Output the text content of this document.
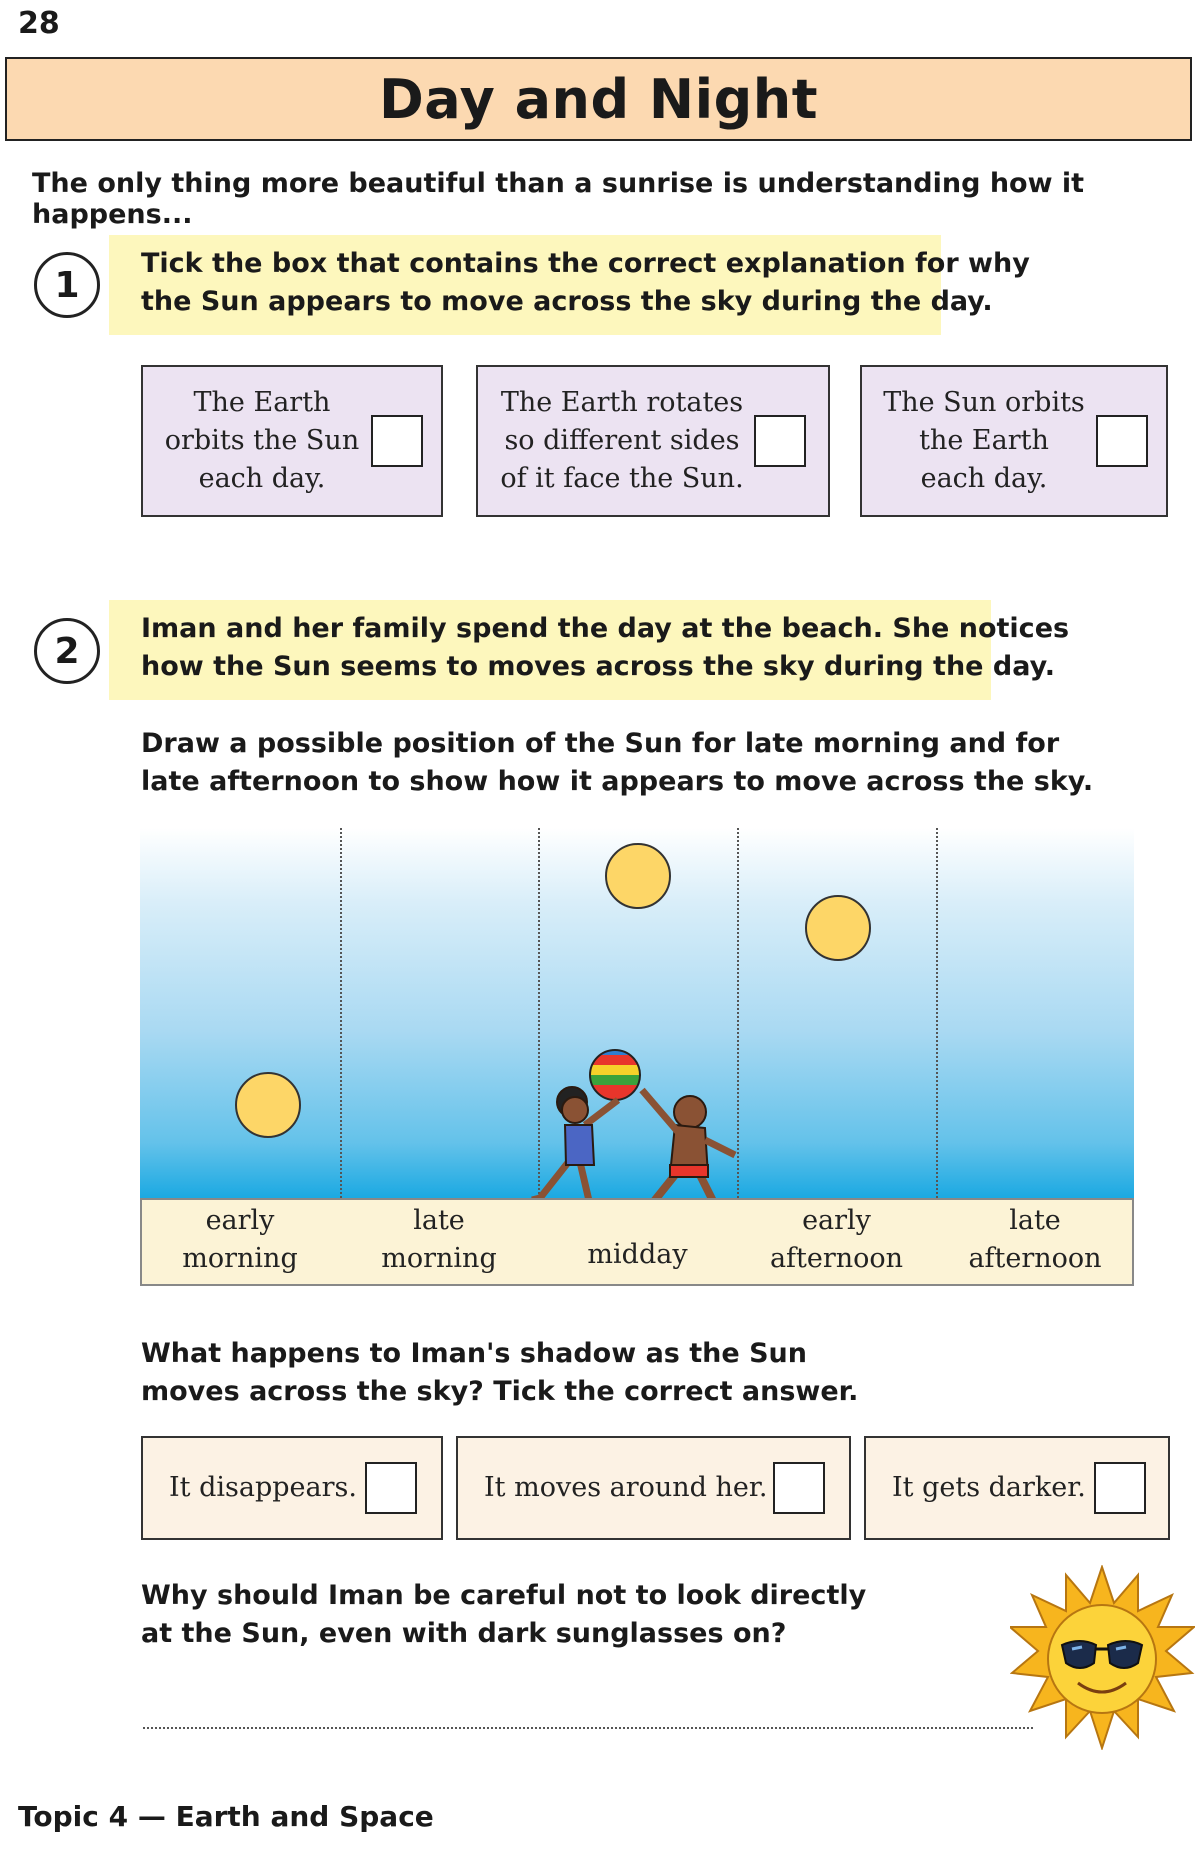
28
Day and Night
The only thing more beautiful than a sunrise is understanding how it happens...
1
Tick the box that contains the correct explanation for why
the Sun appears to move across the sky during the day.
The Earth
orbits the Sun
each day.
The Earth rotates
so different sides
of it face the Sun.
The Sun orbits
the Earth
each day.
2
Iman and her family spend the day at the beach. She notices
how the Sun seems to moves across the sky during the day.
Draw a possible position of the Sun for late morning and for
late afternoon to show how it appears to move across the sky.
early
morning
late
morning	midday
early
afternoon
late
afternoon
What happens to Iman's shadow as the Sun
moves across the sky? Tick the correct answer.
It disappears.	It moves around her.	It gets darker.
Why should Iman be careful not to look directly
at the Sun, even with dark sunglasses on?
Topic 4 — Earth and Space
